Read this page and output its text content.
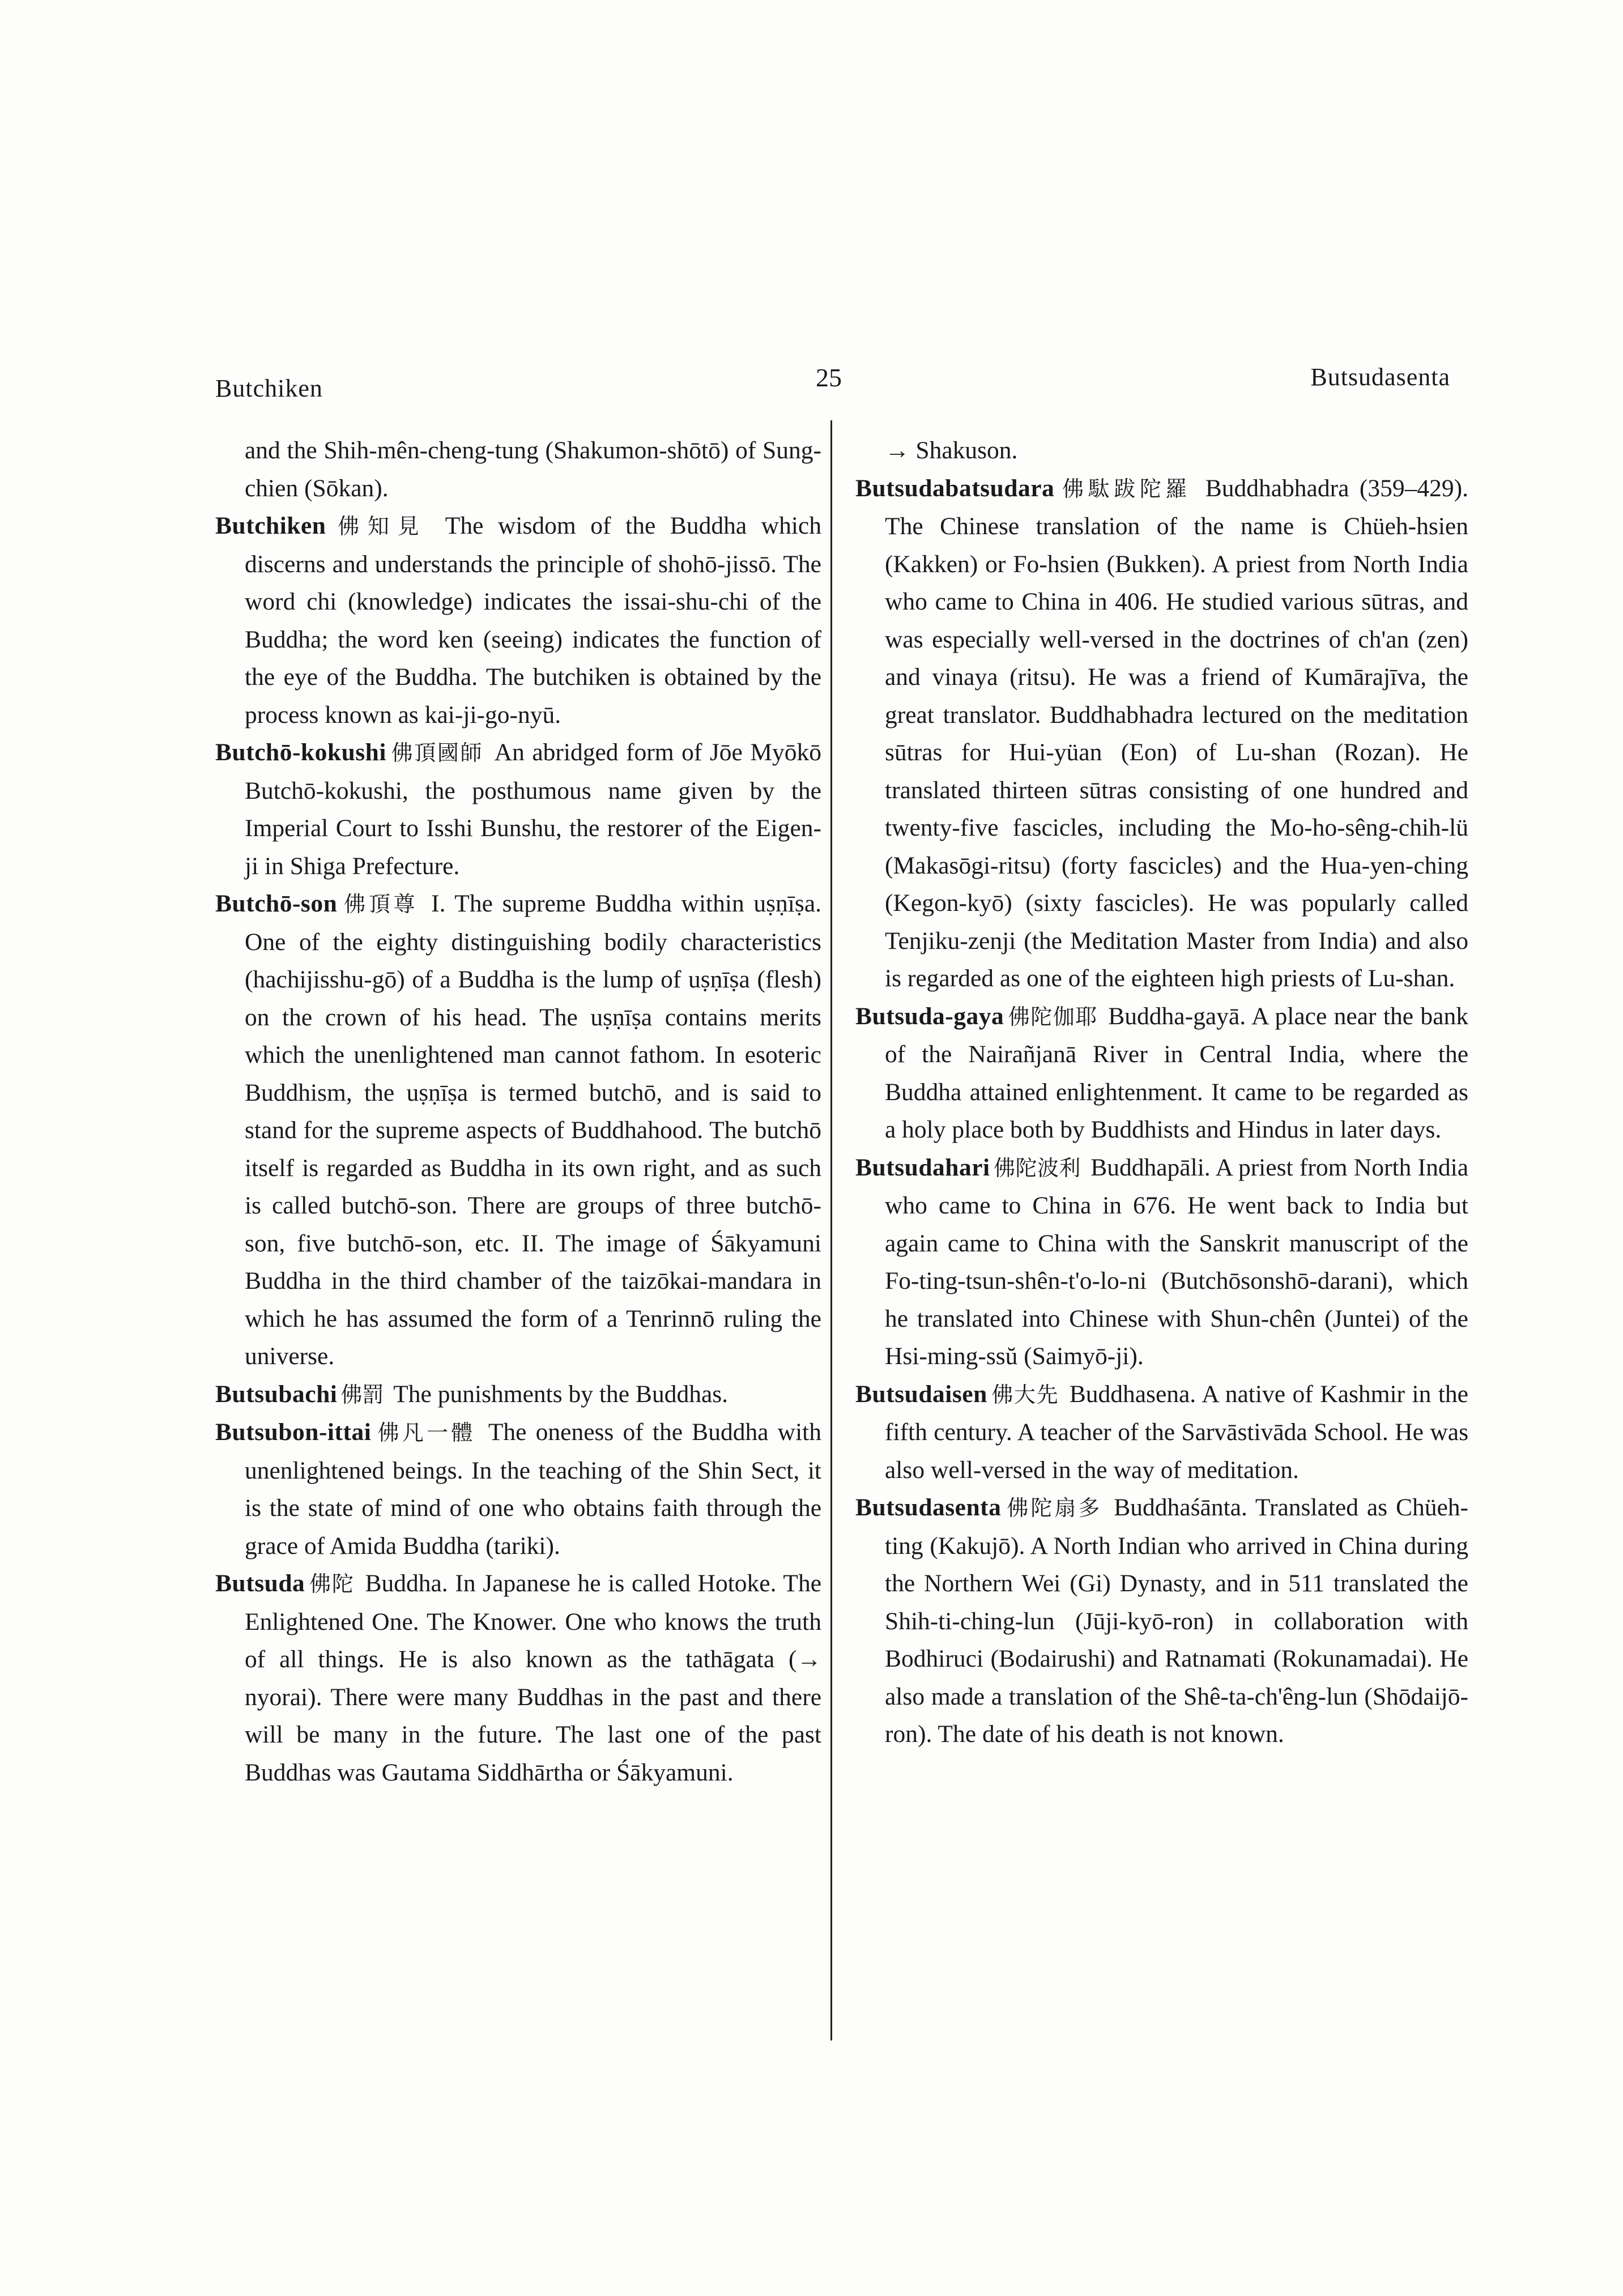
Butchiken	25	Butsudasenta

and the Shih-mên-cheng-tung (Shakumon-shōtō) of Sung-chien (Sōkan).

Butchiken 佛知見 The wisdom of the Buddha which discerns and understands the principle of shohō-jissō. The word chi (knowledge) indicates the issai-shu-chi of the Buddha; the word ken (seeing) indicates the function of the eye of the Buddha. The butchiken is obtained by the process known as kai-ji-go-nyū.

Butchō-kokushi 佛頂國師 An abridged form of Jōe Myōkō Butchō-kokushi, the posthumous name given by the Imperial Court to Isshi Bunshu, the restorer of the Eigen-ji in Shiga Prefecture.

Butchō-son 佛頂尊 I. The supreme Buddha within uṣṇīṣa. One of the eighty distinguishing bodily characteristics (hachijisshu-gō) of a Buddha is the lump of uṣṇīṣa (flesh) on the crown of his head. The uṣṇīṣa contains merits which the unenlightened man cannot fathom. In esoteric Buddhism, the uṣṇīṣa is termed butchō, and is said to stand for the supreme aspects of Buddhahood. The butchō itself is regarded as Buddha in its own right, and as such is called butchō-son. There are groups of three butchō-son, five butchō-son, etc. II. The image of Śākyamuni Buddha in the third chamber of the taizōkai-mandara in which he has assumed the form of a Tenrinnō ruling the universe.

Butsubachi 佛罰 The punishments by the Buddhas.

Butsubon-ittai 佛凡一體 The oneness of the Buddha with unenlightened beings. In the teaching of the Shin Sect, it is the state of mind of one who obtains faith through the grace of Amida Buddha (tariki).

Butsuda 佛陀 Buddha. In Japanese he is called Hotoke. The Enlightened One. The Knower. One who knows the truth of all things. He is also known as the tathāgata (→ nyorai). There were many Buddhas in the past and there will be many in the future. The last one of the past Buddhas was Gautama Siddhārtha or Śākyamuni.

→ Shakuson.

Butsudabatsudara 佛駄跋陀羅 Buddhabhadra (359–429). The Chinese translation of the name is Chüeh-hsien (Kakken) or Fo-hsien (Bukken). A priest from North India who came to China in 406. He studied various sūtras, and was especially well-versed in the doctrines of ch'an (zen) and vinaya (ritsu). He was a friend of Kumārajīva, the great translator. Buddhabhadra lectured on the meditation sūtras for Hui-yüan (Eon) of Lu-shan (Rozan). He translated thirteen sūtras consisting of one hundred and twenty-five fascicles, including the Mo-ho-sêng-chih-lü (Makasōgi-ritsu) (forty fascicles) and the Hua-yen-ching (Kegon-kyō) (sixty fascicles). He was popularly called Tenjiku-zenji (the Meditation Master from India) and also is regarded as one of the eighteen high priests of Lu-shan.

Butsuda-gaya 佛陀伽耶 Buddha-gayā. A place near the bank of the Nairañjanā River in Central India, where the Buddha attained enlightenment. It came to be regarded as a holy place both by Buddhists and Hindus in later days.

Butsudahari 佛陀波利 Buddhapāli. A priest from North India who came to China in 676. He went back to India but again came to China with the Sanskrit manuscript of the Fo-ting-tsun-shên-t'o-lo-ni (Butchōsonshō-darani), which he translated into Chinese with Shun-chên (Juntei) of the Hsi-ming-ssŭ (Saimyō-ji).

Butsudaisen 佛大先 Buddhasena. A native of Kashmir in the fifth century. A teacher of the Sarvāstivāda School. He was also well-versed in the way of meditation.

Butsudasenta 佛陀扇多 Buddhaśānta. Translated as Chüeh-ting (Kakujō). A North Indian who arrived in China during the Northern Wei (Gi) Dynasty, and in 511 translated the Shih-ti-ching-lun (Jūji-kyō-ron) in collaboration with Bodhiruci (Bodairushi) and Ratnamati (Rokunamadai). He also made a translation of the Shê-ta-ch'êng-lun (Shōdaijō-ron). The date of his death is not known.
